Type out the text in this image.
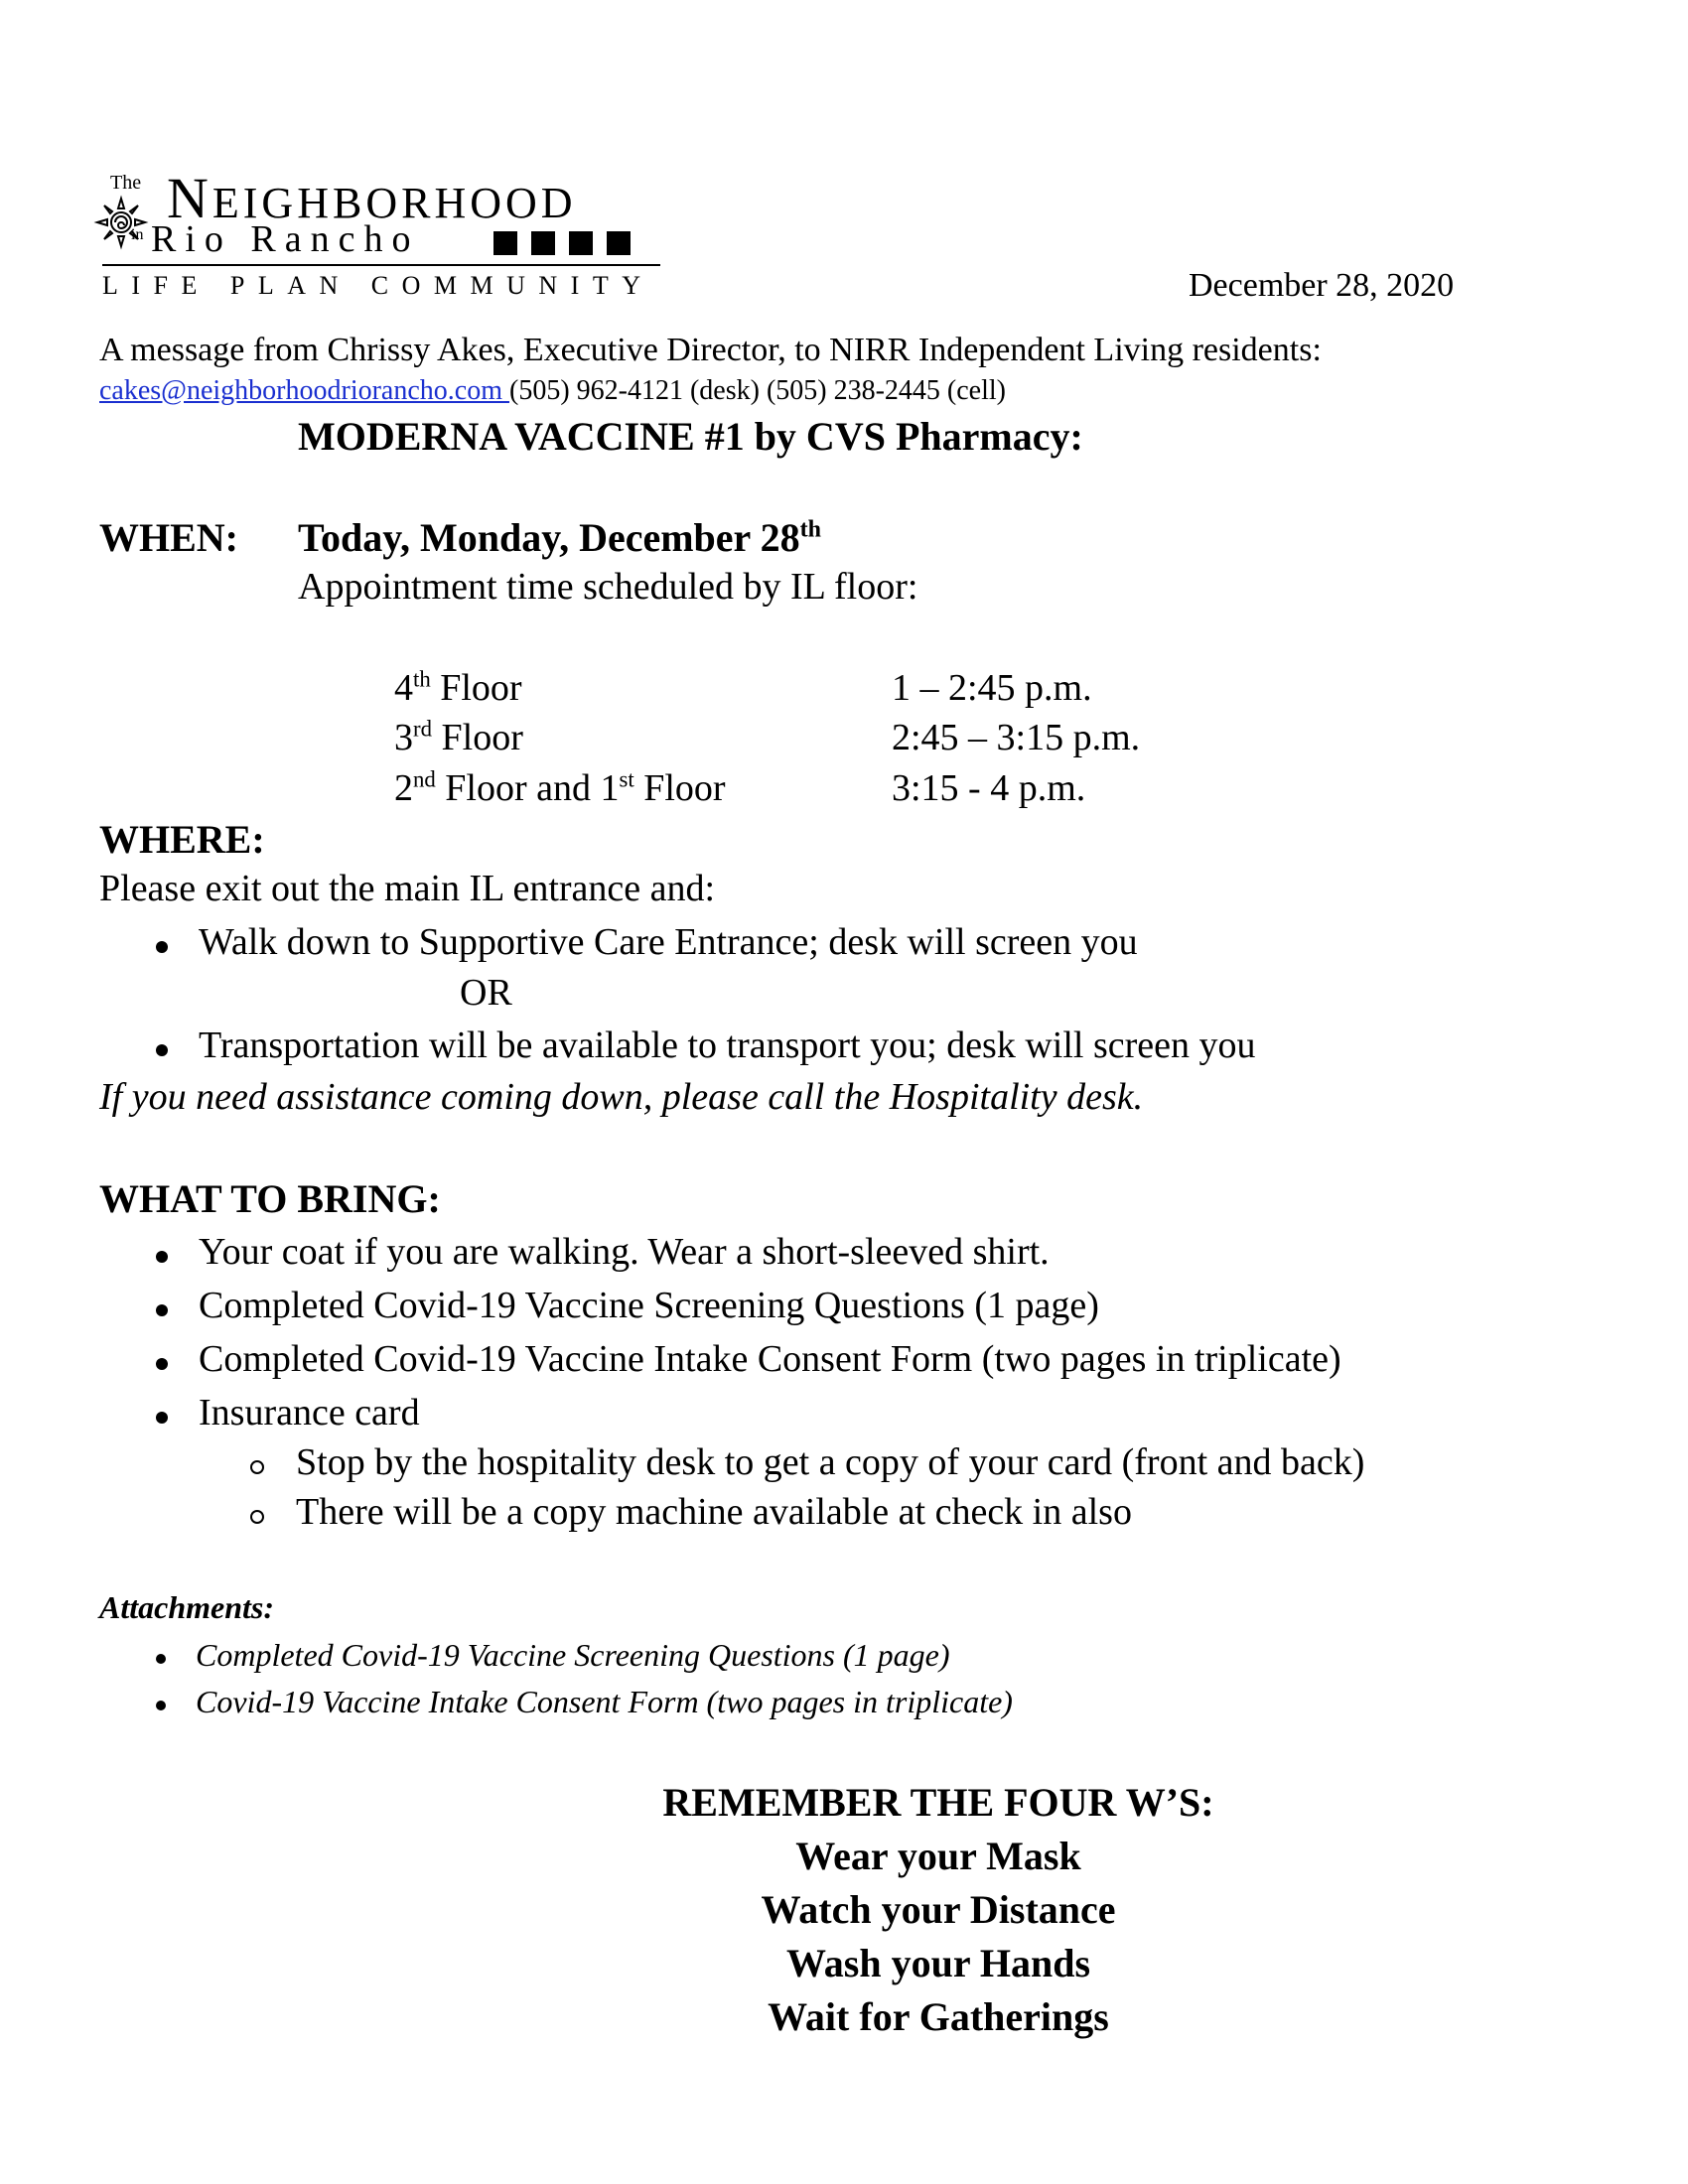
The NEIGHBORHOOD
in Rio Rancho
LIFE PLAN COMMUNITY	December 28, 2020
A message from Chrissy Akes, Executive Director, to NIRR Independent Living residents:
cakes@neighborhoodriorancho.com (505) 962-4121 (desk) (505) 238-2445 (cell)
MODERNA VACCINE #1 by CVS Pharmacy:
WHEN: Today, Monday, December 28th
Appointment time scheduled by IL floor:
4th Floor	1 – 2:45 p.m.
3rd Floor	2:45 – 3:15 p.m.
2nd Floor and 1st Floor	3:15 - 4 p.m.
WHERE:
Please exit out the main IL entrance and:
Walk down to Supportive Care Entrance; desk will screen you
OR
Transportation will be available to transport you; desk will screen you
If you need assistance coming down, please call the Hospitality desk.
WHAT TO BRING:
Your coat if you are walking. Wear a short-sleeved shirt.
Completed Covid-19 Vaccine Screening Questions (1 page)
Completed Covid-19 Vaccine Intake Consent Form (two pages in triplicate)
Insurance card
Stop by the hospitality desk to get a copy of your card (front and back)
There will be a copy machine available at check in also
Attachments:
Completed Covid-19 Vaccine Screening Questions (1 page)
Covid-19 Vaccine Intake Consent Form (two pages in triplicate)
REMEMBER THE FOUR W’S:
Wear your Mask
Watch your Distance
Wash your Hands
Wait for Gatherings
